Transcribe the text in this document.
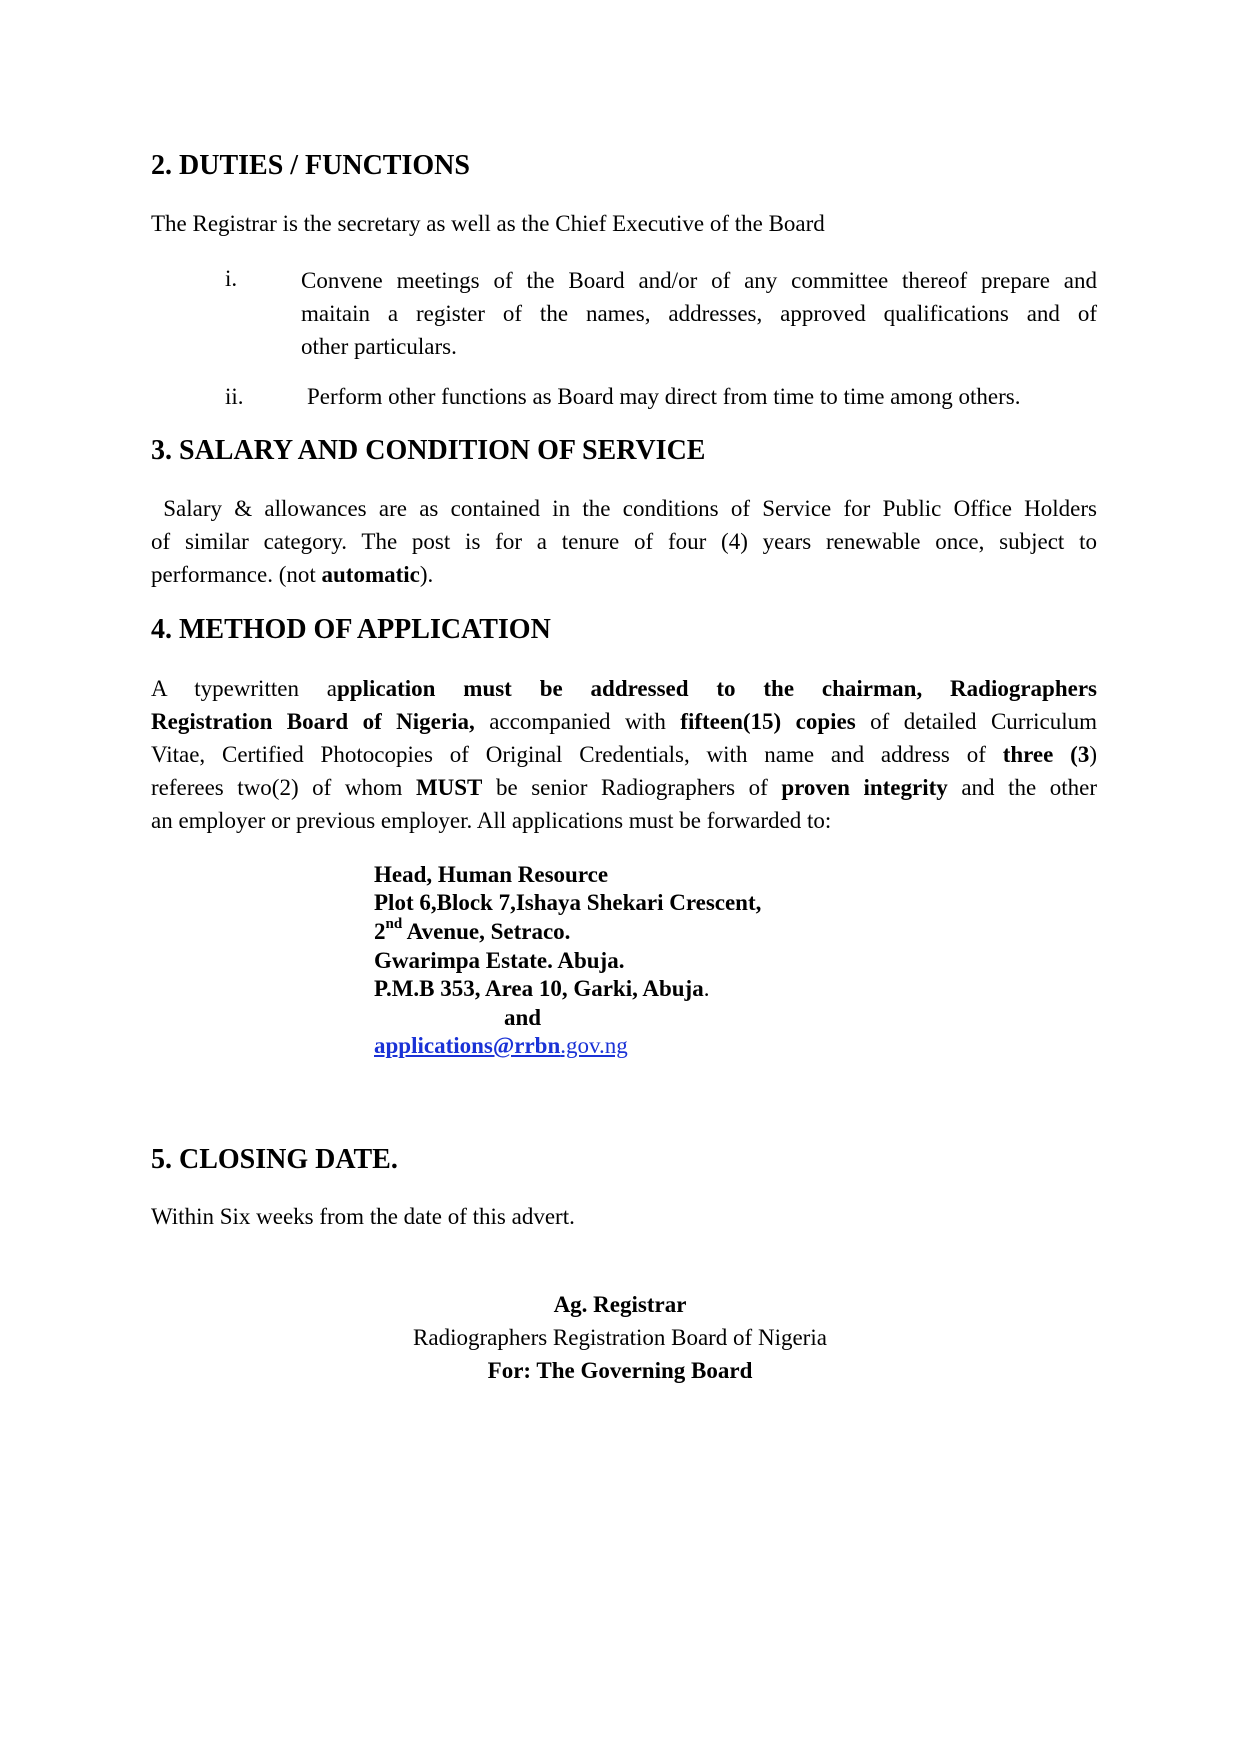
2. DUTIES / FUNCTIONS
The Registrar is the secretary as well as the Chief Executive of the Board
i.	Convene meetings of the Board and/or of any committee thereof prepare and
maitain a register of the names, addresses, approved qualifications and of
other particulars.
ii.	Perform other functions as Board may direct from time to time among others.
3. SALARY AND CONDITION OF SERVICE
Salary & allowances are as contained in the conditions of Service for Public Office Holders
of similar category. The post is for a tenure of four (4) years renewable once, subject to
performance. (not automatic).
4. METHOD OF APPLICATION
A typewritten application must be addressed to the chairman, Radiographers
Registration Board of Nigeria, accompanied with fifteen(15) copies of detailed Curriculum
Vitae, Certified Photocopies of Original Credentials, with name and address of three (3)
referees two(2) of whom MUST be senior Radiographers of proven integrity and the other
an employer or previous employer. All applications must be forwarded to:
Head, Human Resource
Plot 6,Block 7,Ishaya Shekari Crescent,
2nd Avenue, Setraco.
Gwarimpa Estate. Abuja.
P.M.B 353, Area 10, Garki, Abuja.
and
applications@rrbn.gov.ng
5. CLOSING DATE.
Within Six weeks from the date of this advert.
Ag. Registrar
Radiographers Registration Board of Nigeria
For: The Governing Board
